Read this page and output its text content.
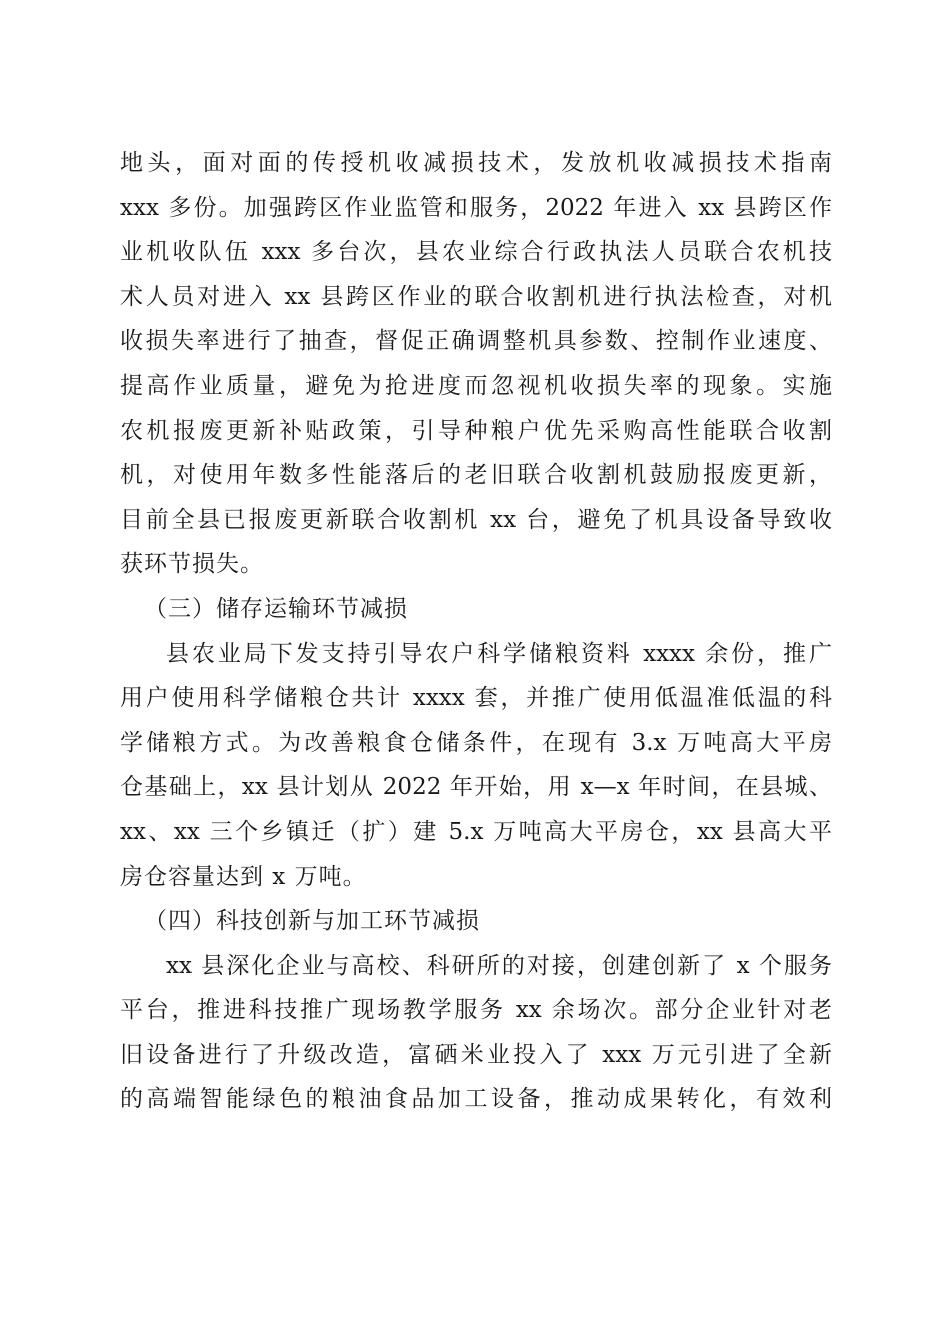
地头，面对面的传授机收减损技术，发放机收减损技术指南
xxx 多份。加强跨区作业监管和服务，2022 年进入 xx 县跨区作
业机收队伍 xxx 多台次，县农业综合行政执法人员联合农机技
术人员对进入 xx 县跨区作业的联合收割机进行执法检查，对机
收损失率进行了抽查，督促正确调整机具参数、控制作业速度、
提高作业质量，避免为抢进度而忽视机收损失率的现象。实施
农机报废更新补贴政策，引导种粮户优先采购高性能联合收割
机，对使用年数多性能落后的老旧联合收割机鼓励报废更新，
目前全县已报废更新联合收割机 xx 台，避免了机具设备导致收
获环节损失。
（三）储存运输环节减损
县农业局下发支持引导农户科学储粮资料 xxxx 余份，推广
用户使用科学储粮仓共计 xxxx 套，并推广使用低温准低温的科
学储粮方式。为改善粮食仓储条件，在现有 3.x 万吨高大平房
仓基础上，xx 县计划从 2022 年开始，用 x—x 年时间，在县城、
xx、xx 三个乡镇迁（扩）建 5.x 万吨高大平房仓，xx 县高大平
房仓容量达到 x 万吨。
（四）科技创新与加工环节减损
xx 县深化企业与高校、科研所的对接，创建创新了 x 个服务
平台，推进科技推广现场教学服务 xx 余场次。部分企业针对老
旧设备进行了升级改造，富硒米业投入了 xxx 万元引进了全新
的高端智能绿色的粮油食品加工设备，推动成果转化，有效利
